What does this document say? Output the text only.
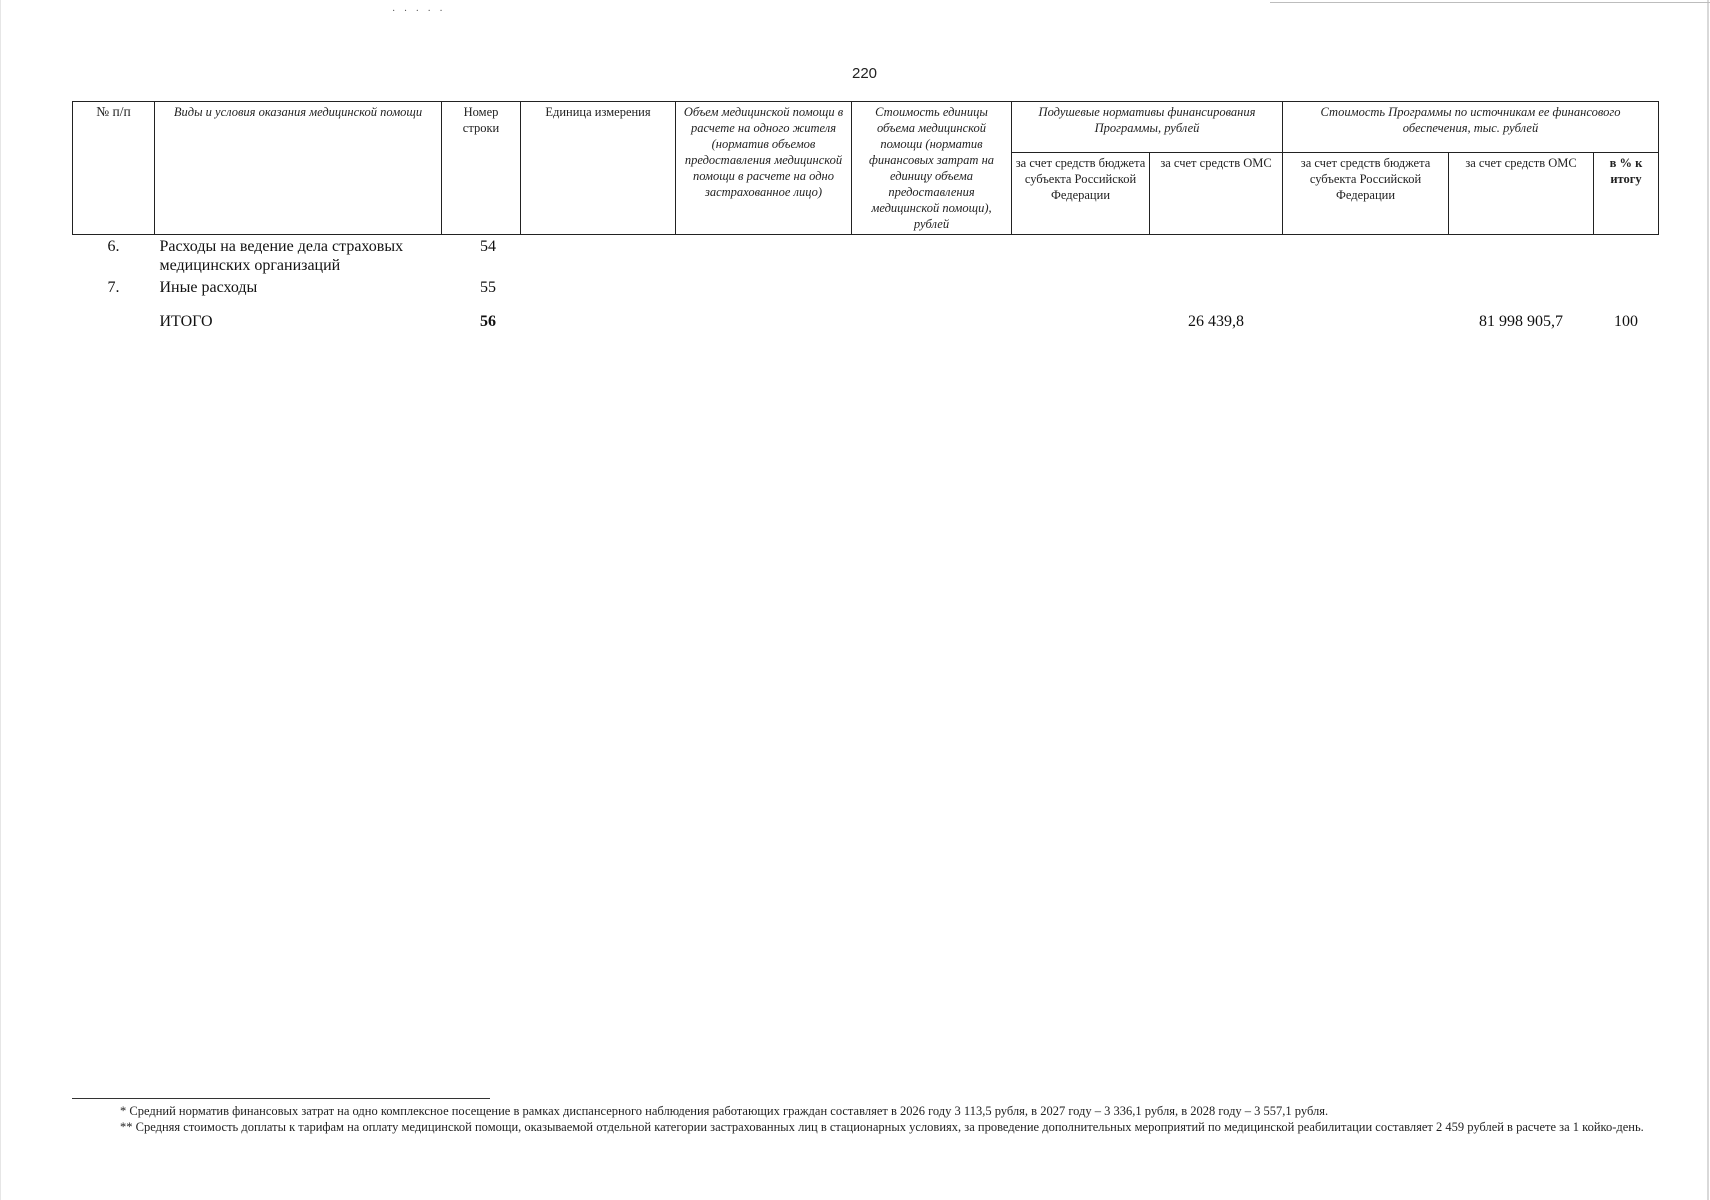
· · · · ·
220
№ п/п	Виды и условия оказания медицинской помощи	Номер строки	Единица измерения	Объем медицинской помощи в расчете на одного жителя (норматив объемов предоставления медицинской помощи в расчете на одно застрахованное лицо)	Стоимость единицы объема медицинской помощи (норматив финансовых затрат на единицу объема предоставления медицинской помощи), рублей	Подушевые нормативы финансирования Программы, рублей		Стоимость Программы по источникам ее финансового обеспечения, тыс. рублей		
						за счет средств бюджета субъекта Российской Федерации	за счет средств ОМС	за счет средств бюджета субъекта Российской Федерации	за счет средств ОМС	в % к итогу
6.	Расходы на ведение дела страховых медицинских организаций	54								
7.	Иные расходы	55								
	ИТОГО	56					26 439,8		81 998 905,7	100
* Средний норматив финансовых затрат на одно комплексное посещение в рамках диспансерного наблюдения работающих граждан составляет в 2026 году 3 113,5 рубля, в 2027 году – 3 336,1 рубля, в 2028 году – 3 557,1 рубля.
** Средняя стоимость доплаты к тарифам на оплату медицинской помощи, оказываемой отдельной категории застрахованных лиц в стационарных условиях, за проведение дополнительных мероприятий по медицинской реабилитации составляет 2 459 рублей в расчете за 1 койко-день.
